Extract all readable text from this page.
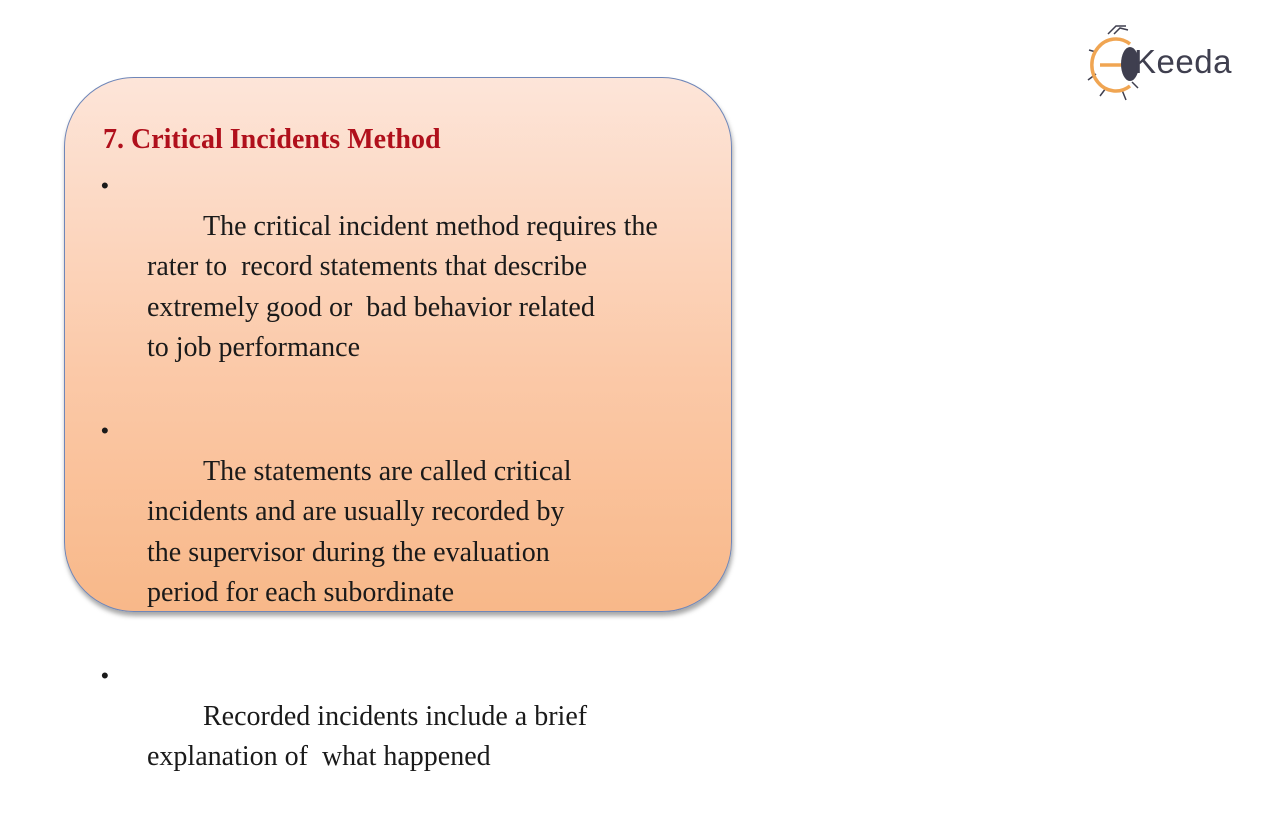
Keeda
7. Critical Incidents Method

•
The critical incident method requires the
rater to  record statements that describe
extremely good or  bad behavior related
to job performance

•
The statements are called critical
incidents and are usually recorded by
the supervisor during the evaluation
period for each subordinate

•
Recorded incidents include a brief
explanation of  what happened
